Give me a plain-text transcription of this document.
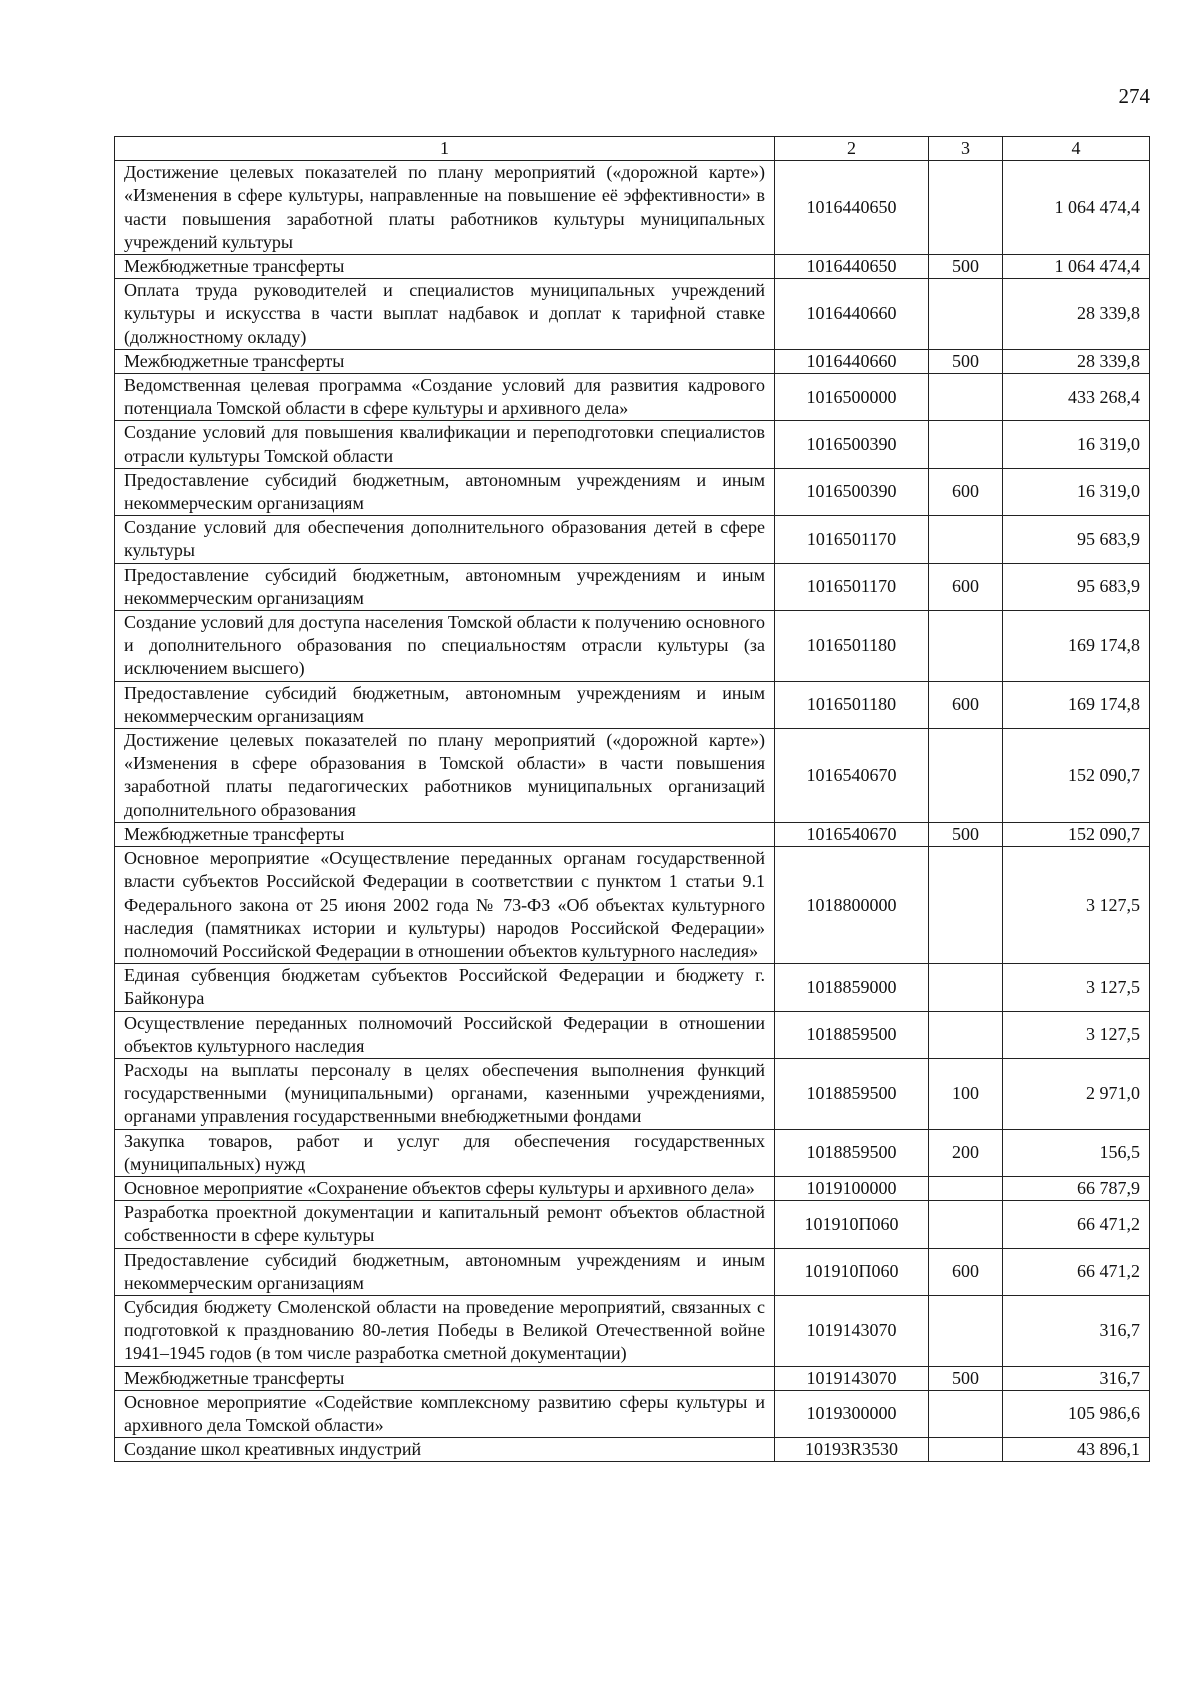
274
1	2	3	4
Достижение целевых показателей по плану мероприятий («дорожной карте») «Изменения в сфере культуры, направленные на повышение её эффективности» в части повышения заработной платы работников культуры муниципальных учреждений культуры	1016440650		1 064 474,4
Межбюджетные трансферты	1016440650	500	1 064 474,4
Оплата труда руководителей и специалистов муниципальных учреждений культуры и искусства в части выплат надбавок и доплат к тарифной ставке (должностному окладу)	1016440660		28 339,8
Межбюджетные трансферты	1016440660	500	28 339,8
Ведомственная целевая программа «Создание условий для развития кадрового потенциала Томской области в сфере культуры и архивного дела»	1016500000		433 268,4
Создание условий для повышения квалификации и переподготовки специалистов отрасли культуры Томской области	1016500390		16 319,0
Предоставление субсидий бюджетным, автономным учреждениям и иным некоммерческим организациям	1016500390	600	16 319,0
Создание условий для обеспечения дополнительного образования детей в сфере культуры	1016501170		95 683,9
Предоставление субсидий бюджетным, автономным учреждениям и иным некоммерческим организациям	1016501170	600	95 683,9
Создание условий для доступа населения Томской области к получению основного и дополнительного образования по специальностям отрасли культуры (за исключением высшего)	1016501180		169 174,8
Предоставление субсидий бюджетным, автономным учреждениям и иным некоммерческим организациям	1016501180	600	169 174,8
Достижение целевых показателей по плану мероприятий («дорожной карте») «Изменения в сфере образования в Томской области» в части повышения заработной платы педагогических работников муниципальных организаций дополнительного образования	1016540670		152 090,7
Межбюджетные трансферты	1016540670	500	152 090,7
Основное мероприятие «Осуществление переданных органам государственной власти субъектов Российской Федерации в соответствии с пунктом 1 статьи 9.1 Федерального закона от 25 июня 2002 года № 73-ФЗ «Об объектах культурного наследия (памятниках истории и культуры) народов Российской Федерации» полномочий Российской Федерации в отношении объектов культурного наследия»	1018800000		3 127,5
Единая субвенция бюджетам субъектов Российской Федерации и бюджету г. Байконура	1018859000		3 127,5
Осуществление переданных полномочий Российской Федерации в отношении объектов культурного наследия	1018859500		3 127,5
Расходы на выплаты персоналу в целях обеспечения выполнения функций государственными (муниципальными) органами, казенными учреждениями, органами управления государственными внебюджетными фондами	1018859500	100	2 971,0
Закупка товаров, работ и услуг для обеспечения государственных (муниципальных) нужд	1018859500	200	156,5
Основное мероприятие «Сохранение объектов сферы культуры и архивного дела»	1019100000		66 787,9
Разработка проектной документации и капитальный ремонт объектов областной собственности в сфере культуры	101910П060		66 471,2
Предоставление субсидий бюджетным, автономным учреждениям и иным некоммерческим организациям	101910П060	600	66 471,2
Субсидия бюджету Смоленской области на проведение мероприятий, связанных с подготовкой к празднованию 80-летия Победы в Великой Отечественной войне 1941–1945 годов (в том числе разработка сметной документации)	1019143070		316,7
Межбюджетные трансферты	1019143070	500	316,7
Основное мероприятие «Содействие комплексному развитию сферы культуры и архивного дела Томской области»	1019300000		105 986,6
Создание школ креативных индустрий	10193R3530		43 896,1
